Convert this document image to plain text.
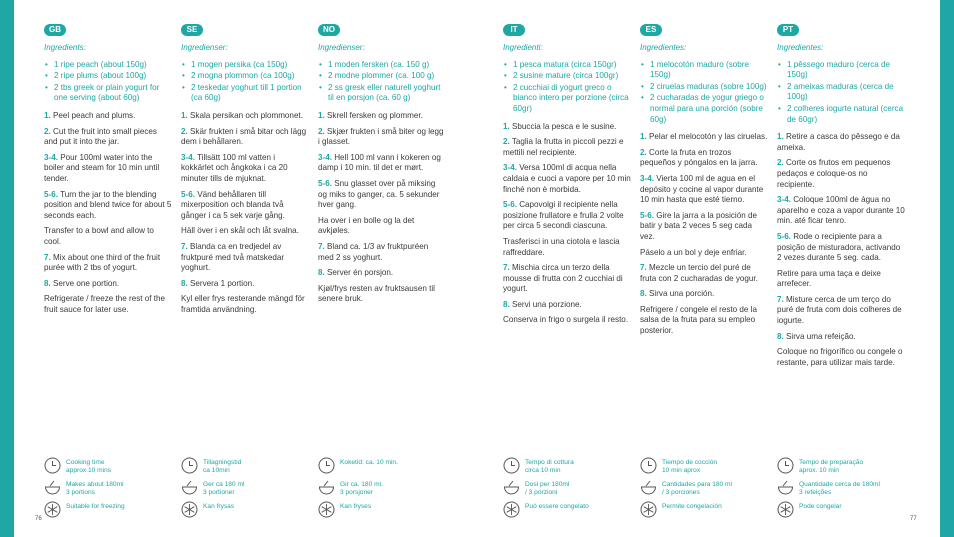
GB
Ingredients:
• 1 ripe peach (about 150g)
• 2 ripe plums (about 100g)
• 2 tbs greek or plain yogurt for one serving (about 60g)
1. Peel peach and plums.
2. Cut the fruit into small pieces and put it into the jar.
3-4. Pour 100ml water into the boiler and steam for 10 min until tender.
5-6. Turn the jar to the blending position and blend twice for about 5 seconds each.
Transfer to a bowl and allow to cool.
7. Mix about one third of the fruit purée with 2 tbs of yogurt.
8. Serve one portion.
Refrigerate / freeze the rest of the fruit sauce for later use.
Cooking time
approx 10 mins
Makes about 180ml
3 portions
Suitable for freezing
SE
Ingredienser:
• 1 mogen persika (ca 150g)
• 2 mogna plommon (ca 100g)
• 2 teskedar yoghurt till 1 portion (ca 60g)
1. Skala persikan och plommonet.
2. Skär frukten i små bitar och lägg dem i behållaren.
3-4. Tillsätt 100 ml vatten i kokkärlet och ångkoka i ca 20 minuter tills de mjuknat.
5-6. Vänd behållaren till mixerposition och blanda två gånger i ca 5 sek varje gång.
Häll över i en skål och låt svalna.
7. Blanda ca en tredjedel av fruktpuré med två matskedar yoghurt.
8. Servera 1 portion.
Kyl eller frys resterande mängd för framtida användning.
Tillagningstid
ca 10min
Ger ca 180 ml
3 portioner
Kan frysas
NO
Ingredienser:
• 1 moden fersken (ca. 150 g)
• 2 modne plommer (ca. 100 g)
• 2 ss gresk eller naturell yoghurt til en porsjon (ca. 60 g)
1. Skrell fersken og plommer.
2. Skjær frukten i små biter og legg i glasset.
3-4. Hell 100 ml vann i kokeren og damp i 10 min. til det er mørt.
5-6. Snu glasset over på miksing og miks to ganger, ca. 5 sekunder hver gang.
Ha over i en bolle og la det avkjøles.
7. Bland ca. 1/3 av fruktpuréen med 2 ss yoghurt.
8. Server én porsjon.
Kjøl/frys resten av fruktsausen til senere bruk.
Koketid: ca. 10 min.
Gir ca. 180 ml.
3 porsjoner
Kan fryses
IT
Ingredienti:
• 1 pesca matura (circa 150gr)
• 2 susine mature (circa 100gr)
• 2 cucchiai di yogurt greco o bianco intero per porzione (circa 60gr)
1. Sbuccia la pesca e le susine.
2. Taglia la frutta in piccoli pezzi e mettili nel recipiente.
3-4. Versa 100ml di acqua nella caldaia e cuoci a vapore per 10 min finché non è morbida.
5-6. Capovolgi il recipiente nella posizione frullatore e frulla 2 volte per circa 5 secondi ciascuna.
Trasferisci in una ciotola e lascia raffreddare.
7. Mischia circa un terzo della mousse di frutta con 2 cucchiai di yogurt.
8. Servi una porzione.
Conserva in frigo o surgela il resto.
Tempo di cottura
circa 10 min
Dosi per 180ml
/ 3 porzioni
Può essere congelato
ES
Ingredientes:
• 1 melocotón maduro (sobre 150g)
• 2 ciruelas maduras (sobre 100g)
• 2 cucharadas de yogur griego o normal para una porción (sobre 60g)
1. Pelar el melocotón y las ciruelas.
2. Corte la fruta en trozos pequeños y póngalos en la jarra.
3-4. Vierta 100 ml de agua en el depósito y cocine al vapor durante 10 min hasta que esté tierno.
5-6. Gire la jarra a la posición de batir y bata 2 veces 5 seg cada vez.
Páselo a un bol y deje enfriar.
7. Mezcle un tercio del puré de fruta con 2 cucharadas de yogur.
8. Sirva una porción.
Refrigere / congele el resto de la salsa de la fruta para su empleo posterior.
Tiempo de cocción
10 min aprox
Cantidades para 180 ml
/ 3 porciones
Permite congelación
PT
Ingredientes:
• 1 pêssego maduro (cerca de 150g)
• 2 ameixas maduras (cerca de 100g)
• 2 colheres iogurte natural (cerca de 60gr)
1. Retire a casca do pêssego e da ameixa.
2. Corte os frutos em pequenos pedaços e coloque-os no recipiente.
3-4. Coloque 100ml de água no aparelho e coza a vapor durante 10 min. até ficar tenro.
5-6. Rode o recipiente para a posição de misturadora, activando 2 vezes durante 5 seg. cada.
Retire para uma taça e deixe arrefecer.
7. Misture cerca de um terço do puré de fruta com dois colheres de iogurte.
8. Sirva uma refeição.
Coloque no frigorífico ou congele o restante, para utilizar mais tarde.
Tempo de preparação
aprox. 10 min
Quantidade cerca de 180ml
3 refeições
Pode congelar
76	77
